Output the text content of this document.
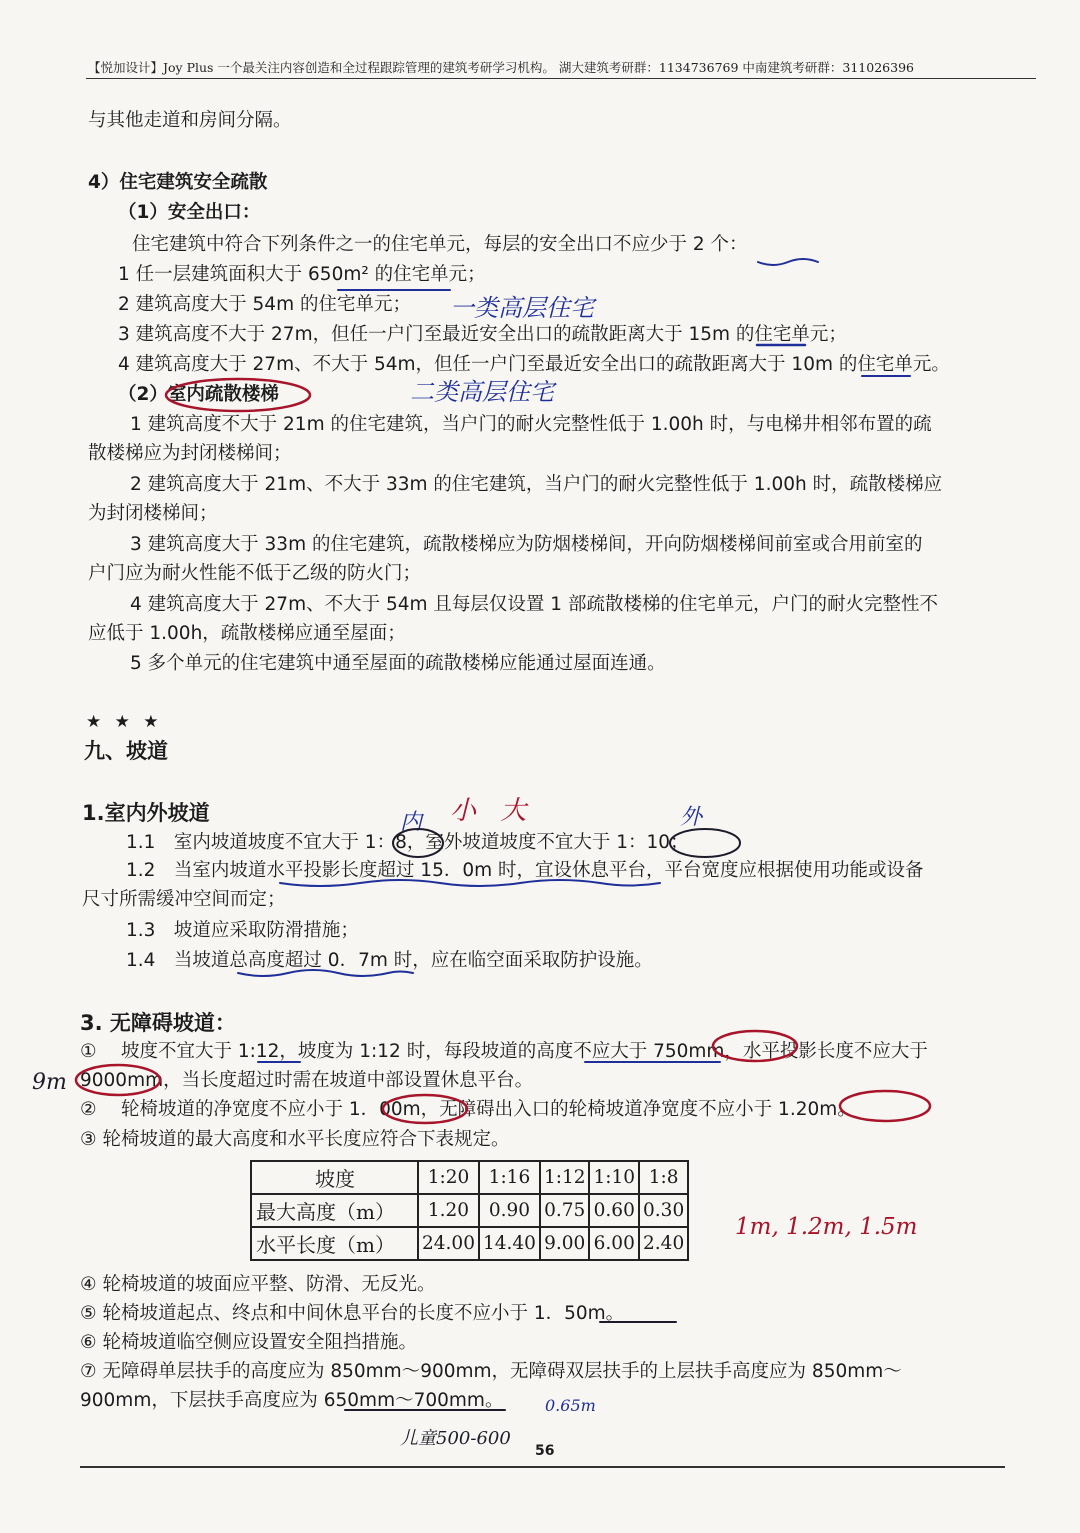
【悦加设计】Joy Plus 一个最关注内容创造和全过程跟踪管理的建筑考研学习机构。 湖大建筑考研群：1134736769 中南建筑考研群：311026396
与其他走道和房间分隔。
4）住宅建筑安全疏散
（1）安全出口：
住宅建筑中符合下列条件之一的住宅单元，每层的安全出口不应少于 2 个：
1 任一层建筑面积大于 650m² 的住宅单元；
2 建筑高度大于 54m 的住宅单元；
3 建筑高度不大于 27m，但任一户门至最近安全出口的疏散距离大于 15m 的住宅单元；
4 建筑高度大于 27m、不大于 54m，但任一户门至最近安全出口的疏散距离大于 10m 的住宅单元。
（2）室内疏散楼梯
1 建筑高度不大于 21m 的住宅建筑，当户门的耐火完整性低于 1.00h 时，与电梯井相邻布置的疏
散楼梯应为封闭楼梯间；
2 建筑高度大于 21m、不大于 33m 的住宅建筑，当户门的耐火完整性低于 1.00h 时，疏散楼梯应
为封闭楼梯间；
3 建筑高度大于 33m 的住宅建筑，疏散楼梯应为防烟楼梯间，开向防烟楼梯间前室或合用前室的
户门应为耐火性能不低于乙级的防火门；
4 建筑高度大于 27m、不大于 54m 且每层仅设置 1 部疏散楼梯的住宅单元，户门的耐火完整性不
应低于 1.00h，疏散楼梯应通至屋面；
5 多个单元的住宅建筑中通至屋面的疏散楼梯应能通过屋面连通。
★ ★ ★
九、坡道
1.室内外坡道
1.1　室内坡道坡度不宜大于 1：8，室外坡道坡度不宜大于 1：10；
1.2　当室内坡道水平投影长度超过 15．0m 时，宜设休息平台，平台宽度应根据使用功能或设备
尺寸所需缓冲空间而定；
1.3　坡道应采取防滑措施；
1.4　当坡道总高度超过 0．7m 时，应在临空面采取防护设施。
3. 无障碍坡道：
① 　坡度不宜大于 1:12，坡度为 1:12 时，每段坡道的高度不应大于 750mm，水平投影长度不应大于
9000mm，当长度超过时需在坡道中部设置休息平台。
② 　轮椅坡道的净宽度不应小于 1．00m，无障碍出入口的轮椅坡道净宽度不应小于 1.20m。
③ 轮椅坡道的最大高度和水平长度应符合下表规定。
坡度	1:20	1:16	1:12	1:10	1:8
最大高度（m）	1.20	0.90	0.75	0.60	0.30
水平长度（m）	24.00	14.40	9.00	6.00	2.40
④ 轮椅坡道的坡面应平整、防滑、无反光。
⑤ 轮椅坡道起点、终点和中间休息平台的长度不应小于 1．50m。
⑥ 轮椅坡道临空侧应设置安全阻挡措施。
⑦ 无障碍单层扶手的高度应为 850mm～900mm，无障碍双层扶手的上层扶手高度应为 850mm～
900mm，下层扶手高度应为 650mm～700mm。
一类高层住宅
二类高层住宅
内 小 大	外
9m
1m, 1.2m, 1.5m
0.65m
儿童500-600
56
